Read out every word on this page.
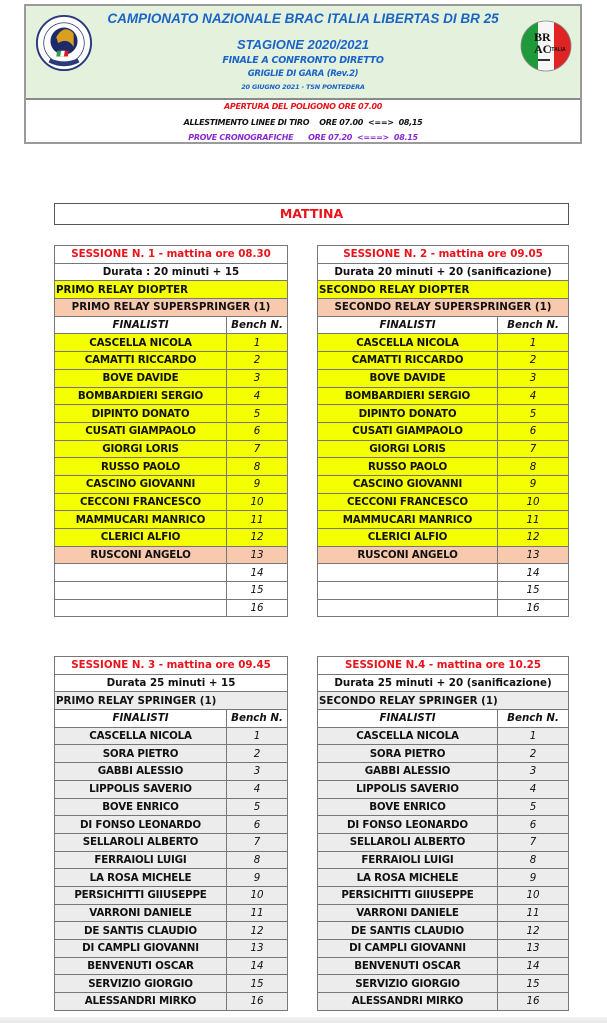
CAMPIONATO NAZIONALE BRAC ITALIA LIBERTAS DI BR 25
STAGIONE 2020/2021
FINALE A CONFRONTO DIRETTO
GRIGLIE DI GARA (Rev.2)
20 GIUGNO 2021 - TSN PONTEDERA
BR
AC
ITALIA
APERTURA DEL POLIGONO ORE 07.00
ALLESTIMENTO LINEE DI TIRO    ORE 07.00  <==>  08,15
PROVE CRONOGRAFICHE      ORE 07.20  <===>  08.15
MATTINA
SESSIONE N. 1 - mattina ore 08.30	
Durata : 20 minuti + 15	
PRIMO RELAY DIOPTER	
PRIMO RELAY SUPERSPRINGER (1)	
FINALISTI	Bench N.
CASCELLA NICOLA	1
CAMATTI RICCARDO	2
BOVE DAVIDE	3
BOMBARDIERI SERGIO	4
DIPINTO DONATO	5
CUSATI GIAMPAOLO	6
GIORGI LORIS	7
RUSSO PAOLO	8
CASCINO GIOVANNI	9
CECCONI FRANCESCO	10
MAMMUCARI MANRICO	11
CLERICI ALFIO	12
RUSCONI ANGELO	13
	14
	15
	16
SESSIONE N. 2 - mattina ore 09.05	
Durata 20 minuti + 20 (sanificazione)	
SECONDO RELAY DIOPTER	
SECONDO RELAY SUPERSPRINGER (1)	
FINALISTI	Bench N.
CASCELLA NICOLA	1
CAMATTI RICCARDO	2
BOVE DAVIDE	3
BOMBARDIERI SERGIO	4
DIPINTO DONATO	5
CUSATI GIAMPAOLO	6
GIORGI LORIS	7
RUSSO PAOLO	8
CASCINO GIOVANNI	9
CECCONI FRANCESCO	10
MAMMUCARI MANRICO	11
CLERICI ALFIO	12
RUSCONI ANGELO	13
	14
	15
	16
SESSIONE N. 3 - mattina ore 09.45	
Durata 25 minuti + 15	
PRIMO RELAY SPRINGER (1)	
FINALISTI	Bench N.
CASCELLA NICOLA	1
SORA PIETRO	2
GABBI ALESSIO	3
LIPPOLIS SAVERIO	4
BOVE ENRICO	5
DI FONSO LEONARDO	6
SELLAROLI ALBERTO	7
FERRAIOLI LUIGI	8
LA ROSA MICHELE	9
PERSICHITTI GIIUSEPPE	10
VARRONI DANIELE	11
DE SANTIS CLAUDIO	12
DI CAMPLI GIOVANNI	13
BENVENUTI OSCAR	14
SERVIZIO GIORGIO	15
ALESSANDRI MIRKO	16
SESSIONE N.4 - mattina ore 10.25	
Durata 25 minuti + 20 (sanificazione)	
SECONDO RELAY SPRINGER (1)	
FINALISTI	Bench N.
CASCELLA NICOLA	1
SORA PIETRO	2
GABBI ALESSIO	3
LIPPOLIS SAVERIO	4
BOVE ENRICO	5
DI FONSO LEONARDO	6
SELLAROLI ALBERTO	7
FERRAIOLI LUIGI	8
LA ROSA MICHELE	9
PERSICHITTI GIIUSEPPE	10
VARRONI DANIELE	11
DE SANTIS CLAUDIO	12
DI CAMPLI GIOVANNI	13
BENVENUTI OSCAR	14
SERVIZIO GIORGIO	15
ALESSANDRI MIRKO	16
